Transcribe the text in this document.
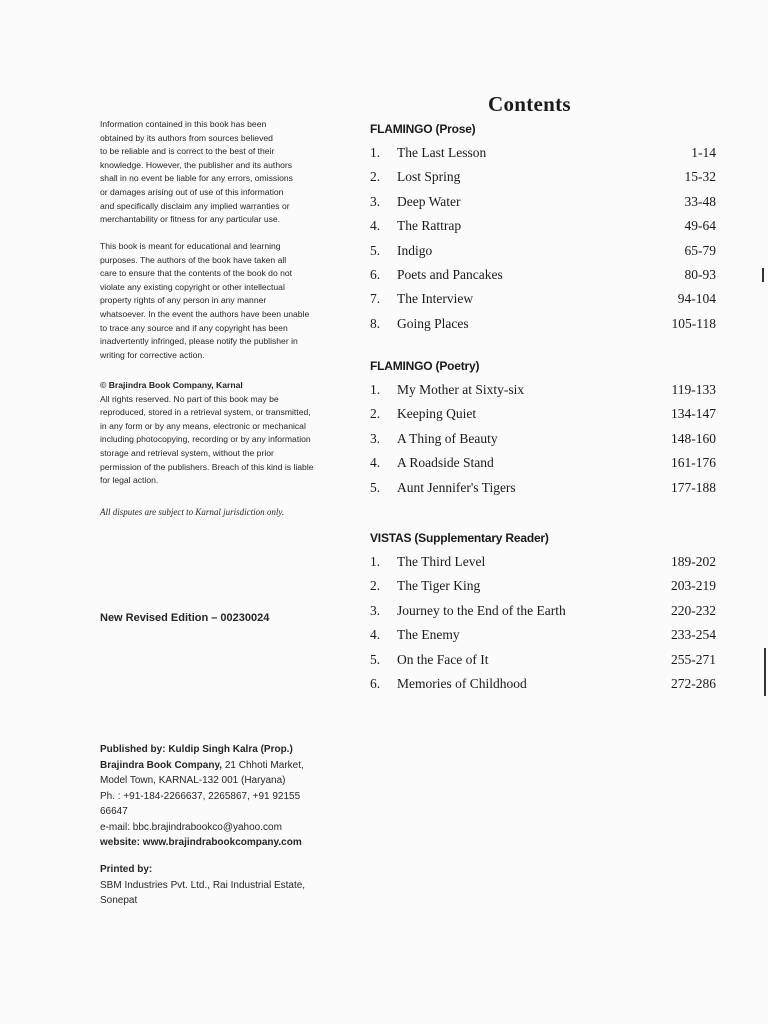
Information contained in this book has been
obtained by its authors from sources believed
to be reliable and is correct to the best of their
knowledge. However, the publisher and its authors
shall in no event be liable for any errors, omissions
or damages arising out of use of this information
and specifically disclaim any implied warranties or
merchantability or fitness for any particular use.

This book is meant for educational and learning
purposes. The authors of the book have taken all
care to ensure that the contents of the book do not
violate any existing copyright or other intellectual
property rights of any person in any manner
whatsoever. In the event the authors have been unable
to trace any source and if any copyright has been
inadvertently infringed, please notify the publisher in
writing for corrective action.

© Brajindra Book Company, Karnal

All rights reserved. No part of this book may be
reproduced, stored in a retrieval system, or transmitted,
in any form or by any means, electronic or mechanical
including photocopying, recording or by any information
storage and retrieval system, without the prior
permission of the publishers. Breach of this kind is liable
for legal action.

All disputes are subject to Karnal jurisdiction only.

New Revised Edition – 00230024

Published by: Kuldip Singh Kalra (Prop.)
Brajindra Book Company, 21 Chhoti Market,
Model Town, KARNAL-132 001 (Haryana)
Ph. : +91-184-2266637, 2265867, +91 92155 66647
e-mail: bbc.brajindrabookco@yahoo.com
website: www.brajindrabookcompany.com
Printed by:
SBM Industries Pvt. Ltd., Rai Industrial Estate,
Sonepat
Contents
FLAMINGO (Prose)
1. The Last Lesson	1-14
2. Lost Spring	15-32
3. Deep Water	33-48
4. The Rattrap	49-64
5. Indigo	65-79
6. Poets and Pancakes	80-93
7. The Interview	94-104
8. Going Places	105-118
FLAMINGO (Poetry)
1. My Mother at Sixty-six	119-133
2. Keeping Quiet	134-147
3. A Thing of Beauty	148-160
4. A Roadside Stand	161-176
5. Aunt Jennifer's Tigers	177-188
VISTAS (Supplementary Reader)
1. The Third Level	189-202
2. The Tiger King	203-219
3. Journey to the End of the Earth	220-232
4. The Enemy	233-254
5. On the Face of It	255-271
6. Memories of Childhood	272-286
